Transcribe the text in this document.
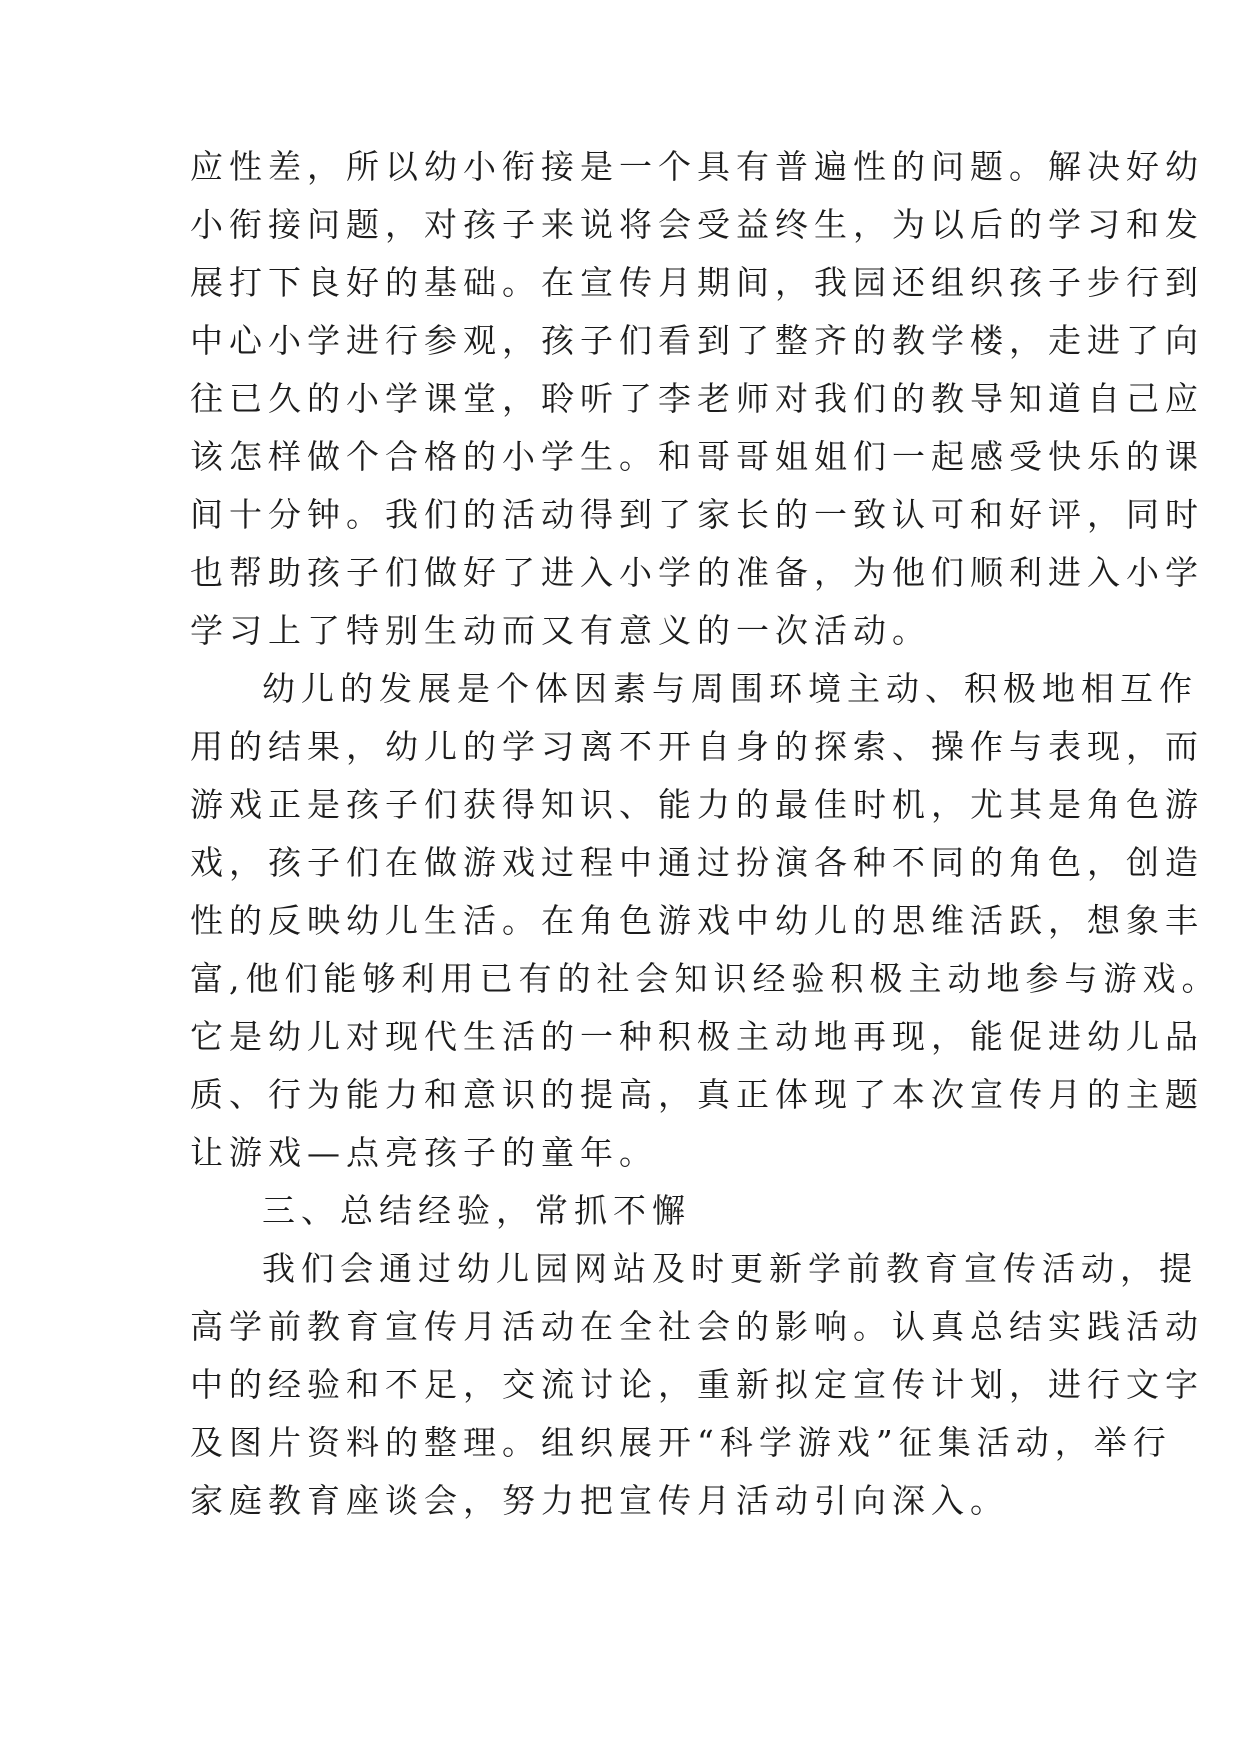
应性差，所以幼小衔接是一个具有普遍性的问题。解决好幼
小衔接问题，对孩子来说将会受益终生，为以后的学习和发
展打下良好的基础。在宣传月期间，我园还组织孩子步行到
中心小学进行参观，孩子们看到了整齐的教学楼，走进了向
往已久的小学课堂，聆听了李老师对我们的教导知道自己应
该怎样做个合格的小学生。和哥哥姐姐们一起感受快乐的课
间十分钟。我们的活动得到了家长的一致认可和好评，同时
也帮助孩子们做好了进入小学的准备，为他们顺利进入小学
学习上了特别生动而又有意义的一次活动。
幼儿的发展是个体因素与周围环境主动、积极地相互作
用的结果，幼儿的学习离不开自身的探索、操作与表现，而
游戏正是孩子们获得知识、能力的最佳时机，尤其是角色游
戏，孩子们在做游戏过程中通过扮演各种不同的角色，创造
性的反映幼儿生活。在角色游戏中幼儿的思维活跃，想象丰
富,他们能够利用已有的社会知识经验积极主动地参与游戏。
它是幼儿对现代生活的一种积极主动地再现，能促进幼儿品
质、行为能力和意识的提高，真正体现了本次宣传月的主题
让游戏—点亮孩子的童年。
三、总结经验，常抓不懈
我们会通过幼儿园网站及时更新学前教育宣传活动，提
高学前教育宣传月活动在全社会的影响。认真总结实践活动
中的经验和不足，交流讨论，重新拟定宣传计划，进行文字
及图片资料的整理。组织展开“科学游戏”征集活动，举行
家庭教育座谈会，努力把宣传月活动引向深入。
